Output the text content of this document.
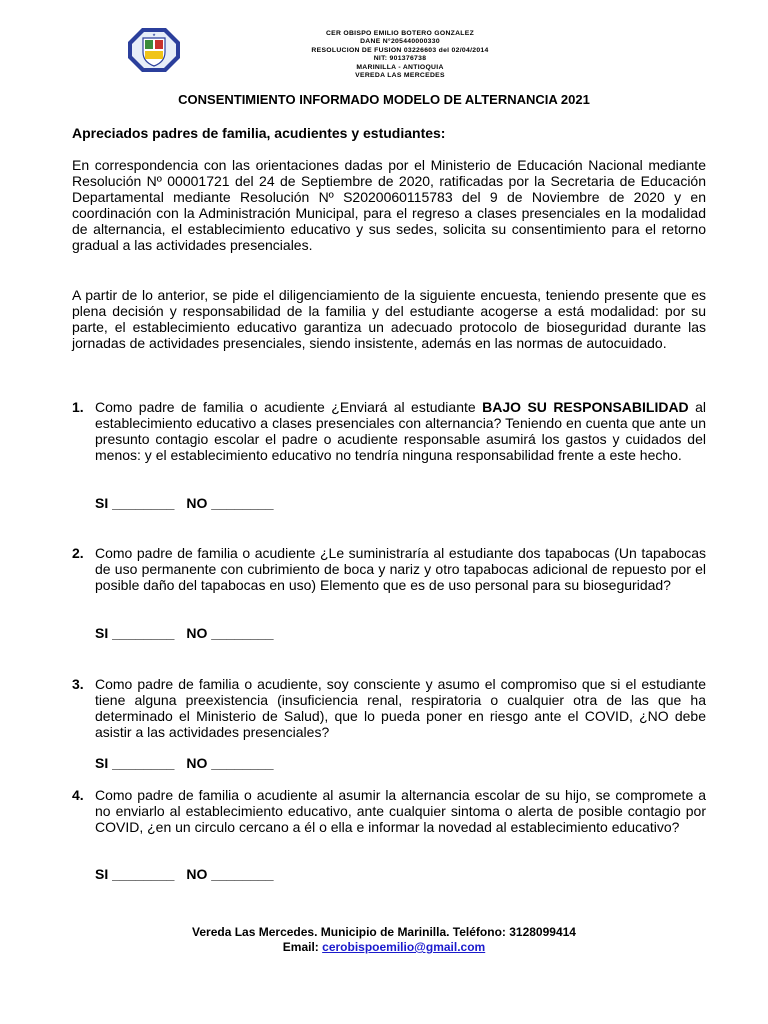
★	CER OBISPO EMILIO BOTERO GONZALEZ
DANE N°205440000330
RESOLUCION DE FUSION 03226603 del 02/04/2014
NIT: 901376738
MARINILLA - ANTIOQUIA
VEREDA LAS MERCEDES
CONSENTIMIENTO INFORMADO MODELO DE ALTERNANCIA 2021
Apreciados padres de familia, acudientes y estudiantes:
En correspondencia con las orientaciones dadas por el Ministerio de Educación Nacional mediante Resolución Nº 00001721 del 24 de Septiembre de 2020, ratificadas por la Secretaria de Educación Departamental mediante Resolución Nº S2020060115783 del 9 de Noviembre de 2020 y en coordinación con la Administración Municipal, para el regreso a clases presenciales en la modalidad de alternancia, el establecimiento educativo y sus sedes, solicita su consentimiento para el retorno gradual a las actividades presenciales.
A partir de lo anterior, se pide el diligenciamiento de la siguiente encuesta, teniendo presente que es plena decisión y responsabilidad de la familia y del estudiante acogerse a está modalidad: por su parte, el establecimiento educativo garantiza un adecuado protocolo de bioseguridad durante las jornadas de actividades presenciales, siendo insistente, además en las normas de autocuidado.
1. Como padre de familia o acudiente ¿Enviará al estudiante BAJO SU RESPONSABILIDAD al establecimiento educativo a clases presenciales con alternancia? Teniendo en cuenta que ante un presunto contagio escolar el padre o acudiente responsable asumirá los gastos y cuidados del menos: y el establecimiento educativo no tendría ninguna responsabilidad frente a este hecho.
SI ________ NO ________
2. Como padre de familia o acudiente ¿Le suministraría al estudiante dos tapabocas (Un tapabocas de uso permanente con cubrimiento de boca y nariz y otro tapabocas adicional de repuesto por el posible daño del tapabocas en uso) Elemento que es de uso personal para su bioseguridad?
SI ________ NO ________
3. Como padre de familia o acudiente, soy consciente y asumo el compromiso que si el estudiante tiene alguna preexistencia (insuficiencia renal, respiratoria o cualquier otra de las que ha determinado el Ministerio de Salud), que lo pueda poner en riesgo ante el COVID, ¿NO debe asistir a las actividades presenciales?
SI ________ NO ________
4. Como padre de familia o acudiente al asumir la alternancia escolar de su hijo, se compromete a no enviarlo al establecimiento educativo, ante cualquier sintoma o alerta de posible contagio por COVID, ¿en un circulo cercano a él o ella e informar la novedad al establecimiento educativo?
SI ________ NO ________
Vereda Las Mercedes. Municipio de Marinilla. Teléfono: 3128099414
Email: cerobispoemilio@gmail.com
